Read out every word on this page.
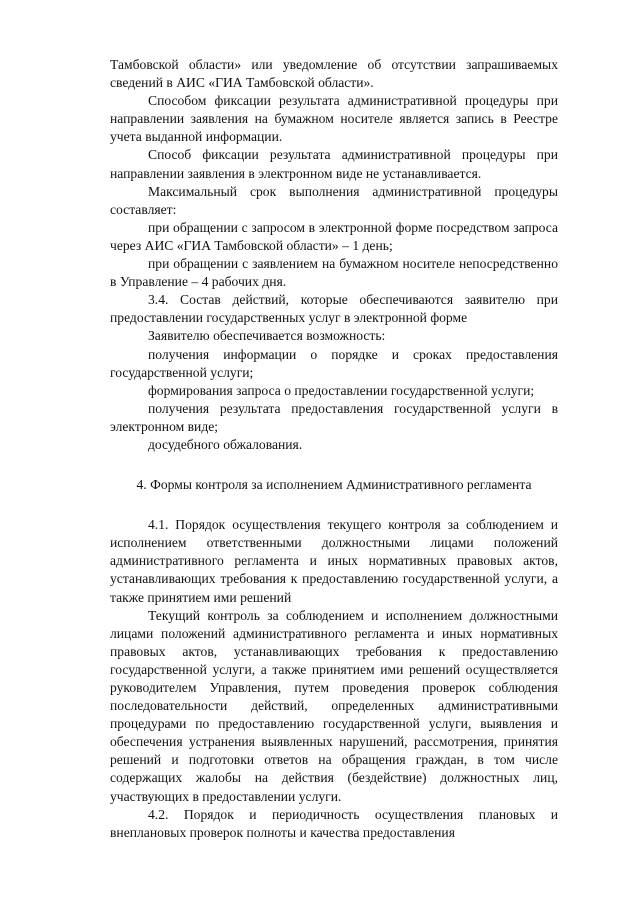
Тамбовской области» или уведомление об отсутствии запрашиваемых сведений в АИС «ГИА Тамбовской области».

Способом фиксации результата административной процедуры при направлении заявления на бумажном носителе является запись в Реестре учета выданной информации.

Способ фиксации результата административной процедуры при направлении заявления в электронном виде не устанавливается.

Максимальный срок выполнения административной процедуры составляет:

при обращении с запросом в электронной форме посредством запроса через АИС «ГИА Тамбовской области» – 1 день;

при обращении с заявлением на бумажном носителе непосредственно в Управление – 4 рабочих дня.

3.4. Состав действий, которые обеспечиваются заявителю при предоставлении государственных услуг в электронной форме

Заявителю обеспечивается возможность:

получения информации о порядке и сроках предоставления государственной услуги;

формирования запроса о предоставлении государственной услуги;

получения результата предоставления государственной услуги в электронном виде;

досудебного обжалования.

4. Формы контроля за исполнением Административного регламента

4.1. Порядок осуществления текущего контроля за соблюдением и исполнением ответственными должностными лицами положений административного регламента и иных нормативных правовых актов, устанавливающих требования к предоставлению государственной услуги, а также принятием ими решений

Текущий контроль за соблюдением и исполнением должностными лицами положений административного регламента и иных нормативных правовых актов, устанавливающих требования к предоставлению государственной услуги, а также принятием ими решений осуществляется руководителем Управления, путем проведения проверок соблюдения последовательности действий, определенных административными процедурами по предоставлению государственной услуги, выявления и обеспечения устранения выявленных нарушений, рассмотрения, принятия решений и подготовки ответов на обращения граждан, в том числе содержащих жалобы на действия (бездействие) должностных лиц, участвующих в предоставлении услуги.

4.2. Порядок и периодичность осуществления плановых и внеплановых проверок полноты и качества предоставления
